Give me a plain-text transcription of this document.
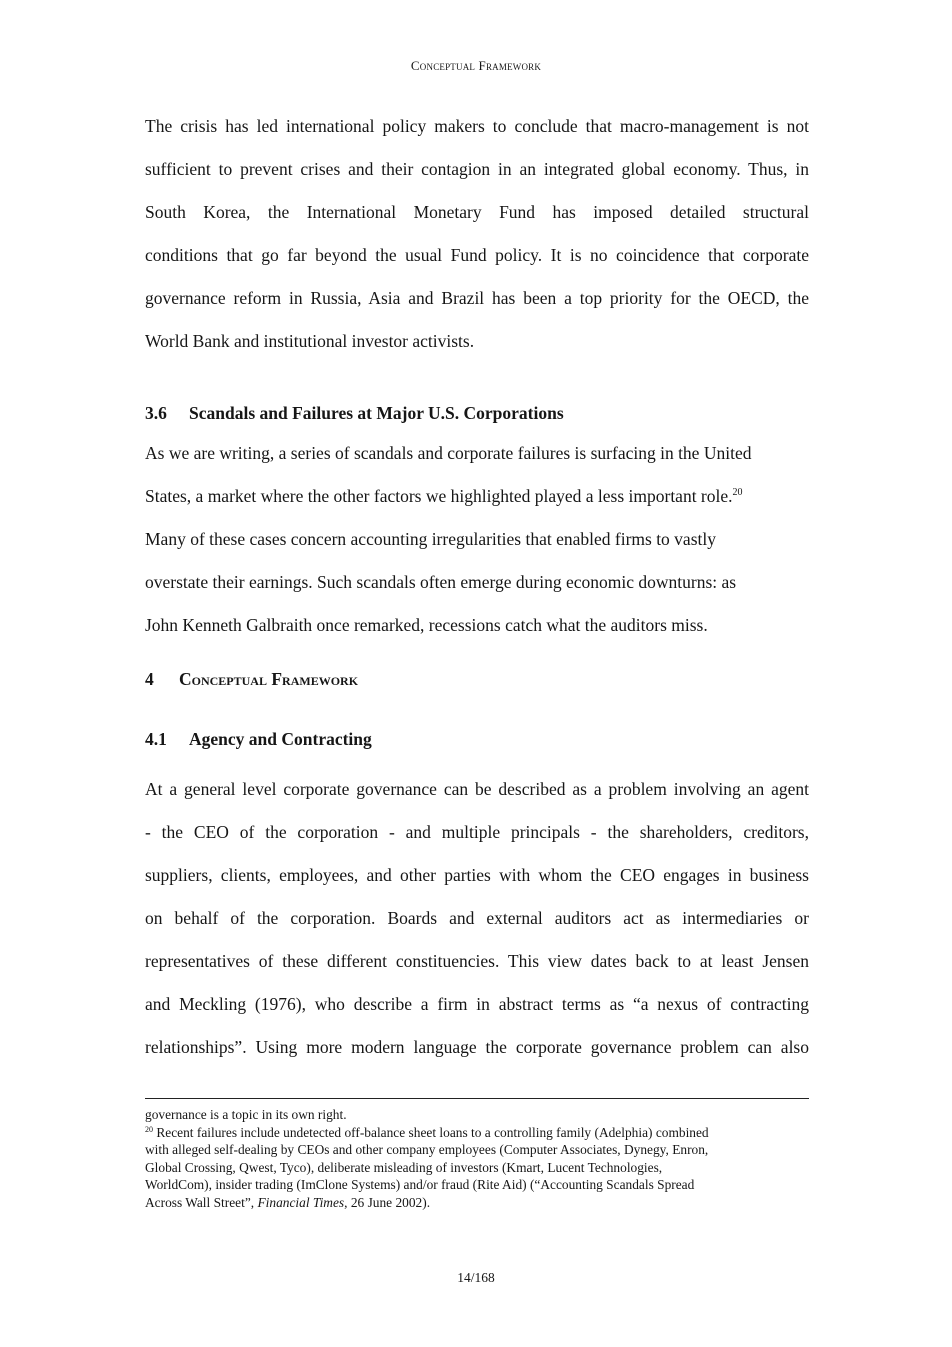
Conceptual Framework
The crisis has led international policy makers to conclude that macro-management is not
sufficient to prevent crises and their contagion in an integrated global economy. Thus, in
South Korea, the International Monetary Fund has imposed detailed structural
conditions that go far beyond the usual Fund policy. It is no coincidence that corporate
governance reform in Russia, Asia and Brazil has been a top priority for the OECD, the
World Bank and institutional investor activists.
3.6 Scandals and Failures at Major U.S. Corporations
As we are writing, a series of scandals and corporate failures is surfacing in the United
States, a market where the other factors we highlighted played a less important role.$^{20}$
Many of these cases concern accounting irregularities that enabled firms to vastly
overstate their earnings. Such scandals often emerge during economic downturns: as
John Kenneth Galbraith once remarked, recessions catch what the auditors miss.
4 Conceptual Framework
4.1 Agency and Contracting
At a general level corporate governance can be described as a problem involving an agent
- the CEO of the corporation - and multiple principals - the shareholders, creditors,
suppliers, clients, employees, and other parties with whom the CEO engages in business
on behalf of the corporation. Boards and external auditors act as intermediaries or
representatives of these different constituencies. This view dates back to at least Jensen
and Meckling (1976), who describe a firm in abstract terms as “a nexus of contracting
relationships”. Using more modern language the corporate governance problem can also
governance is a topic in its own right.
$^{20}$ Recent failures include undetected off-balance sheet loans to a controlling family (Adelphia) combined
with alleged self-dealing by CEOs and other company employees (Computer Associates, Dynegy, Enron,
Global Crossing, Qwest, Tyco), deliberate misleading of investors (Kmart, Lucent Technologies,
WorldCom), insider trading (ImClone Systems) and/or fraud (Rite Aid) (“Accounting Scandals Spread
Across Wall Street”, Financial Times, 26 June 2002).
14/168
